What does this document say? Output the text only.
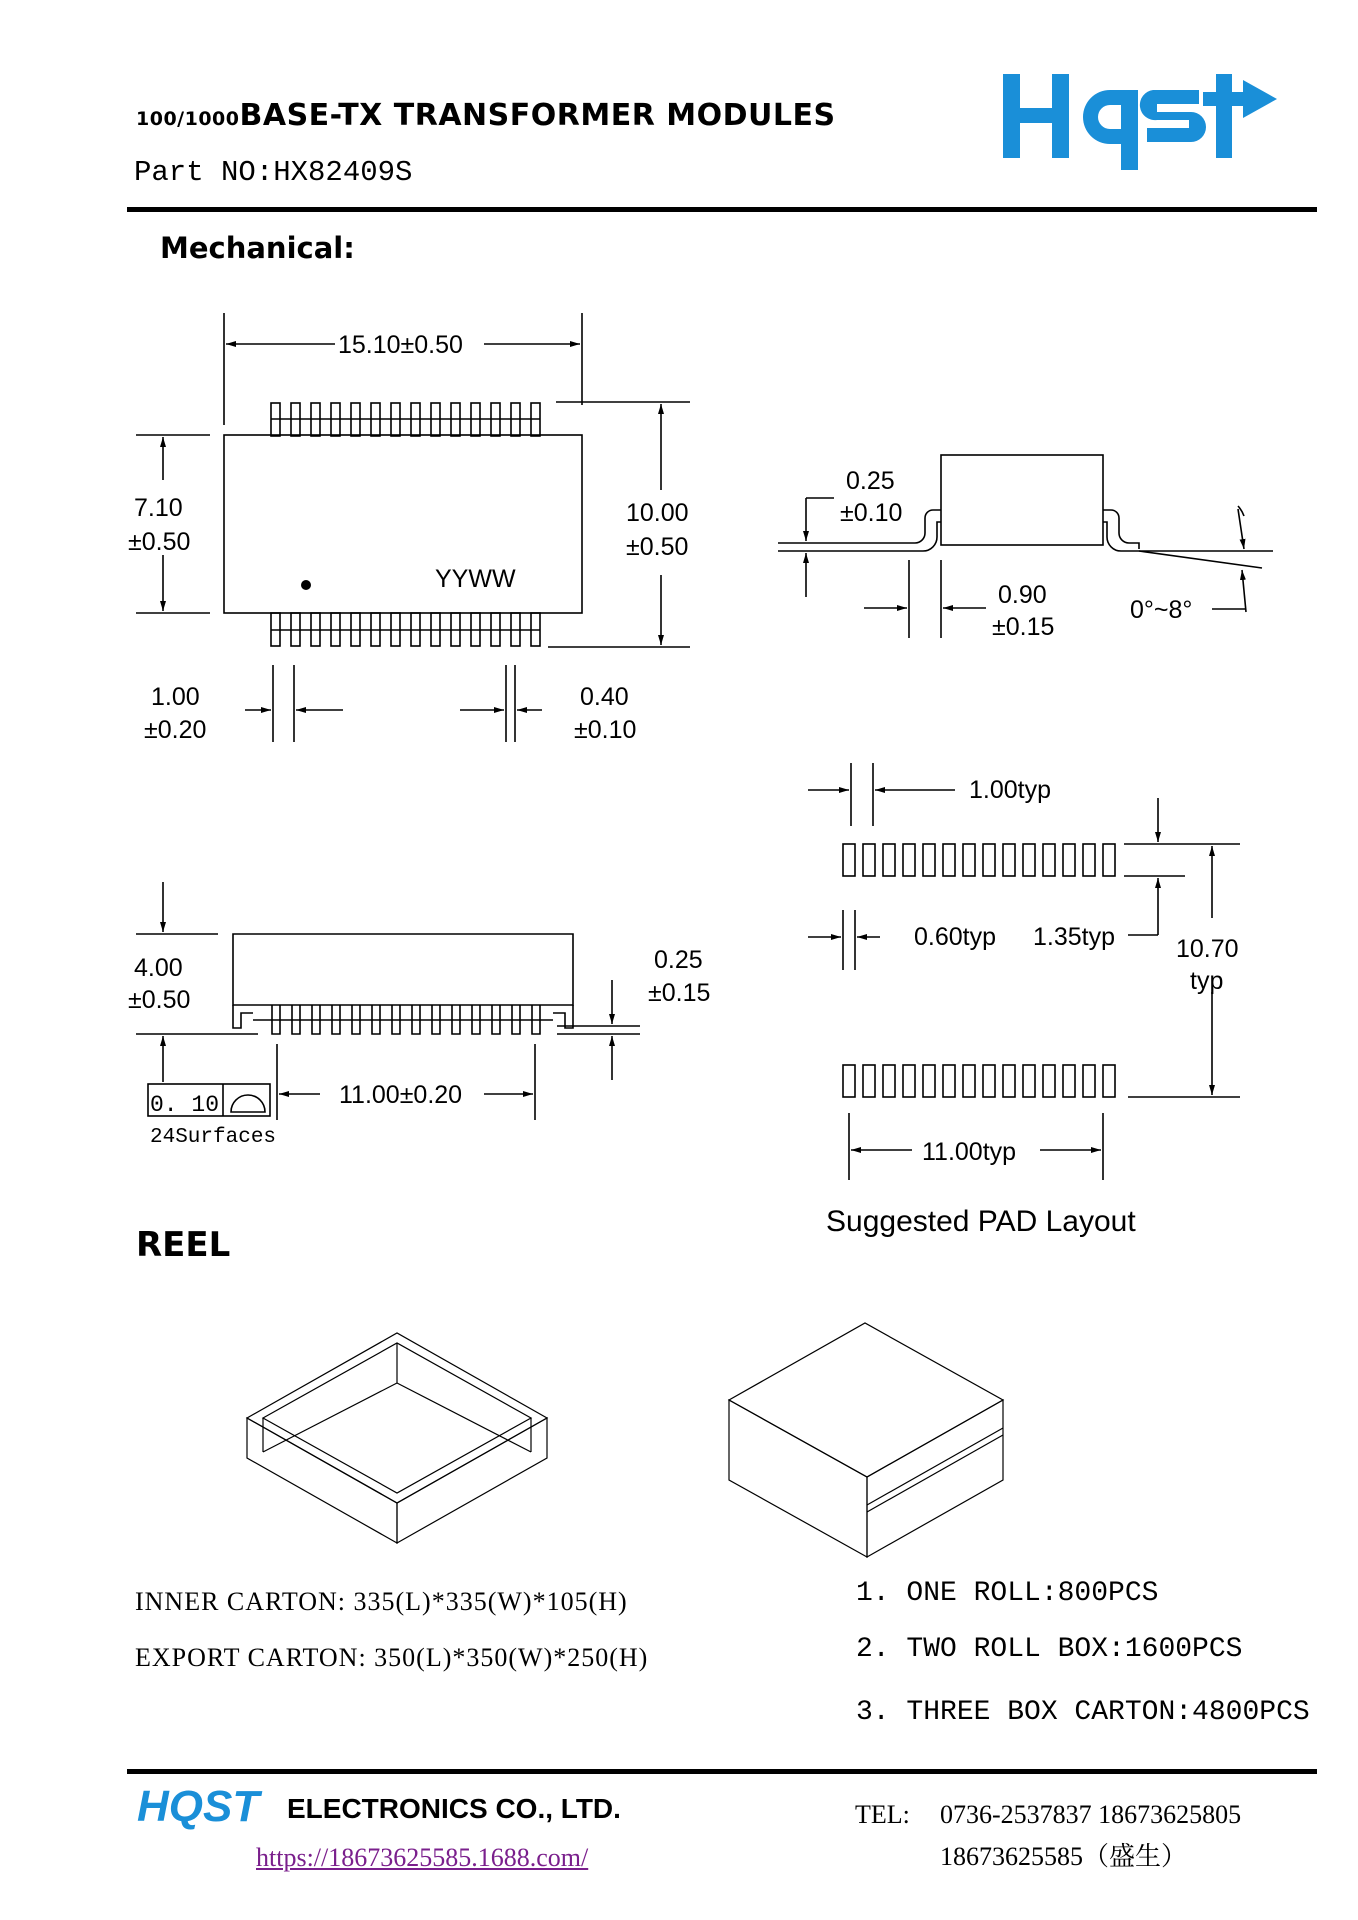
100/1000BASE-TX TRANSFORMER MODULES
Part NO:HX82409S
Mechanical:
15.10±0.50
7.10
±0.50
10.00
±0.50
YYWW
1.00
±0.20
0.40
±0.10
0.25
±0.10
0.90
±0.15
0°~8°
4.00
±0.50
0.25
±0.15
0. 10
24Surfaces
11.00±0.20
1.00typ
0.60typ 1.35typ 10.70
typ
11.00typ
Suggested PAD Layout
REEL
INNER CARTON: 335(L)*335(W)*105(H)
EXPORT CARTON: 350(L)*350(W)*250(H)
1. ONE ROLL:800PCS
2. TWO ROLL BOX:1600PCS
3. THREE BOX CARTON:4800PCS
HQST ELECTRONICS CO., LTD.
https://18673625585.1688.com/
TEL: 0736-2537837 18673625805
18673625585（盛生）
